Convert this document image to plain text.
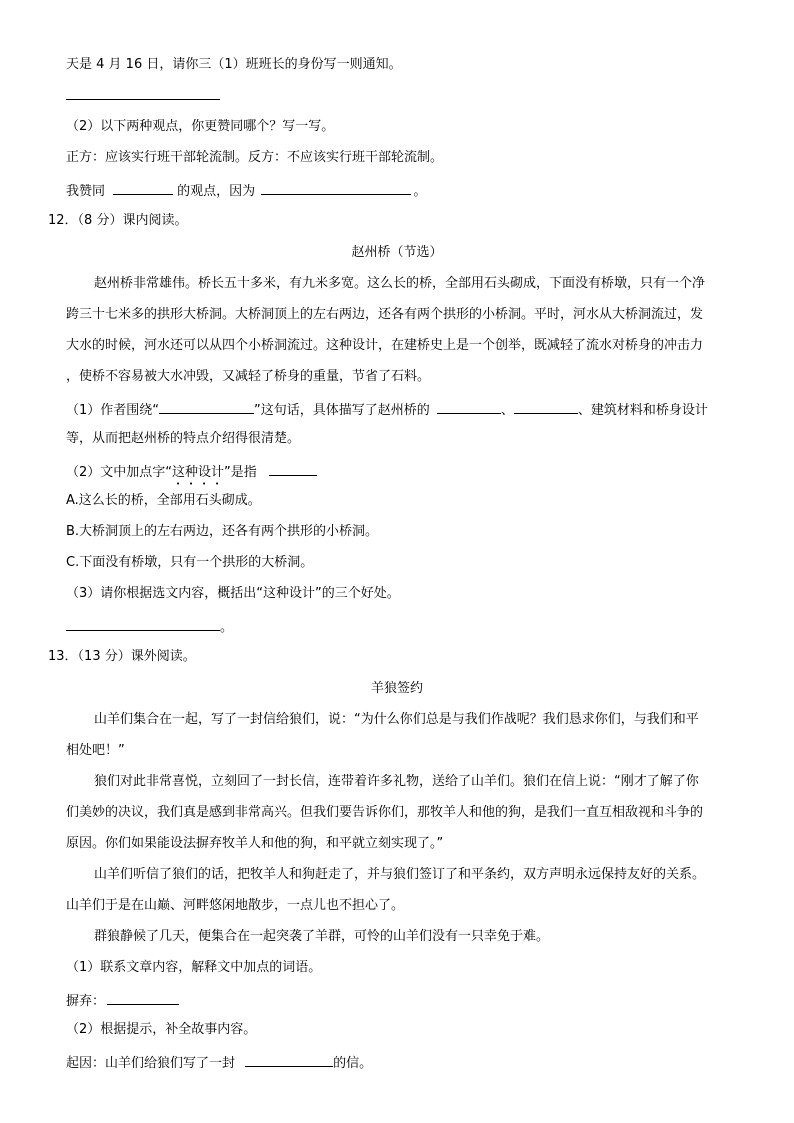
天是 4 月 16 日，请你三（1）班班长的身份写一则通知。
（2）以下两种观点，你更赞同哪个？写一写。
正方：应该实行班干部轮流制。反方：不应该实行班干部轮流制。
我赞同	的观点，因为	。
12．（8 分）课内阅读。
赵州桥（节选）
赵州桥非常雄伟。桥长五十多米，有九米多宽。这么长的桥，全部用石头砌成，下面没有桥墩，只有一个净
跨三十七米多的拱形大桥洞。大桥洞顶上的左右两边，还各有两个拱形的小桥洞。平时，河水从大桥洞流过，发
大水的时候，河水还可以从四个小桥洞流过。这种设计，在建桥史上是一个创举，既减轻了流水对桥身的冲击力
，使桥不容易被大水冲毁，又减轻了桥身的重量，节省了石料。
（1）作者围绕“	”这句话，具体描写了赵州桥的	、	、建筑材料和桥身设计
等，从而把赵州桥的特点介绍得很清楚。
（2）文中加点字“这种设计”是指
A.这么长的桥，全部用石头砌成。
B.大桥洞顶上的左右两边，还各有两个拱形的小桥洞。
C.下面没有桥墩，只有一个拱形的大桥洞。
（3）请你根据选文内容，概括出“这种设计”的三个好处。
。
13．（13 分）课外阅读。
羊狼签约
山羊们集合在一起，写了一封信给狼们，说：“为什么你们总是与我们作战呢？我们恳求你们，与我们和平
相处吧！”
狼们对此非常喜悦，立刻回了一封长信，连带着许多礼物，送给了山羊们。狼们在信上说：“刚才了解了你
们美妙的决议，我们真是感到非常高兴。但我们要告诉你们，那牧羊人和他的狗，是我们一直互相敌视和斗争的
原因。你们如果能设法摒弃牧羊人和他的狗，和平就立刻实现了。”
山羊们听信了狼们的话，把牧羊人和狗赶走了，并与狼们签订了和平条约，双方声明永远保持友好的关系。
山羊们于是在山巅、河畔悠闲地散步，一点儿也不担心了。
群狼静候了几天，便集合在一起突袭了羊群，可怜的山羊们没有一只幸免于难。
（1）联系文章内容，解释文中加点的词语。
摒弃：
（2）根据提示，补全故事内容。
起因：山羊们给狼们写了一封	的信。
